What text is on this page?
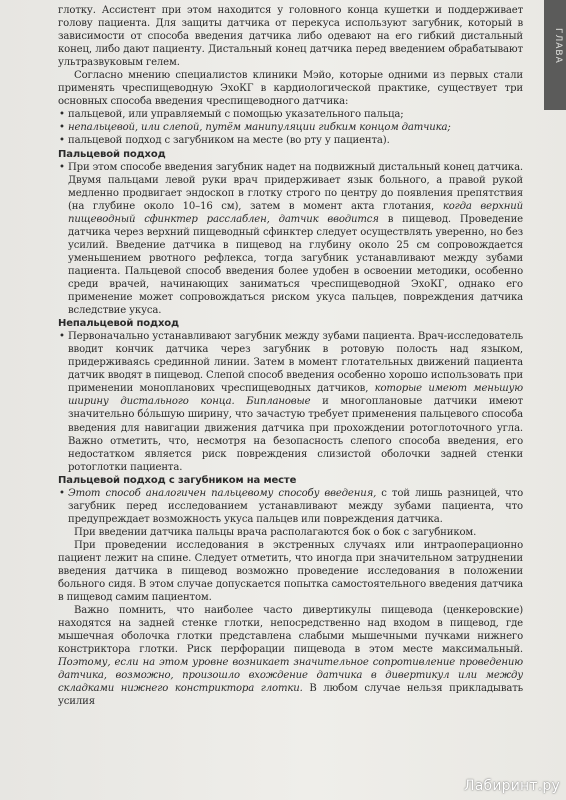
ГЛАВА

глотку. Ассистент при этом находится у головного конца кушетки и поддерживает голову пациента. Для защиты датчика от перекуса используют загубник, который в зависимости от способа введения датчика либо одевают на его гибкий дистальный конец, либо дают пациенту. Дистальный конец датчика перед введением обрабатывают ультразвуковым гелем.

Согласно мнению специалистов клиники Мэйо, которые одними из первых стали применять чреспищеводную ЭхоКГ в кардиологической практике, существует три основных способа введения чреспищеводного датчика:

• пальцевой, или управляемый с помощью указательного пальца;

• непальцевой, или слепой, путём манипуляции гибким концом датчика;

• пальцевой подход с загубником на месте (во рту у пациента).

Пальцевой подход

• При этом способе введения загубник надет на подвижный дистальный конец датчика. Двумя пальцами левой руки врач придерживает язык больного, а правой рукой медленно продвигает эндоскоп в глотку строго по центру до появления препятствия (на глубине около 10–16 см), затем в момент акта глотания, когда верхний пищеводный сфинктер расслаблен, датчик вводится в пищевод. Проведение датчика через верхний пищеводный сфинктер следует осуществлять уверенно, но без усилий. Введение датчика в пищевод на глубину около 25 см сопровождается уменьшением рвотного рефлекса, тогда загубник устанавливают между зубами пациента. Пальцевой способ введения более удобен в освоении методики, особенно среди врачей, начинающих заниматься чреспищеводной ЭхоКГ, однако его применение может сопровождаться риском укуса пальцев, повреждения датчика вследствие укуса.

Непальцевой подход

• Первоначально устанавливают загубник между зубами пациента. Врач-исследователь вводит кончик датчика через загубник в ротовую полость над языком, придерживаясь срединной линии. Затем в момент глотательных движений пациента датчик вводят в пищевод. Слепой способ введения особенно хорошо использовать при применении монопланових чреспищеводных датчиков, которые имеют меньшую ширину дистального конца. Биплановые и многоплановые датчики имеют значительно бóльшую ширину, что зачастую требует применения пальцевого способа введения для навигации движения датчика при прохождении ротоглоточного угла. Важно отметить, что, несмотря на безопасность слепого способа введения, его недостатком является риск повреждения слизистой оболочки задней стенки ротоглотки пациента.

Пальцевой подход с загубником на месте

• Этот способ аналогичен пальцевому способу введения, с той лишь разницей, что загубник перед исследованием устанавливают между зубами пациента, что предупреждает возможность укуса пальцев или повреждения датчика.

При введении датчика пальцы врача располагаются бок о бок с загубником.

При проведении исследования в экстренных случаях или интраоперационно пациент лежит на спине. Следует отметить, что иногда при значительном затруднении введения датчика в пищевод возможно проведение исследования в положении больного сидя. В этом случае допускается попытка самостоятельного введения датчика в пищевод самим пациентом.

Важно помнить, что наиболее часто дивертикулы пищевода (ценкеровские) находятся на задней стенке глотки, непосредственно над входом в пищевод, где мышечная оболочка глотки представлена слабыми мышечными пучками нижнего констриктора глотки. Риск перфорации пищевода в этом месте максимальный. Поэтому, если на этом уровне возникает значительное сопротивление проведению датчика, возможно, произошло вхождение датчика в дивертикул или между складками нижнего констриктора глотки. В любом случае нельзя прикладывать усилия

Лабиринт.ру
